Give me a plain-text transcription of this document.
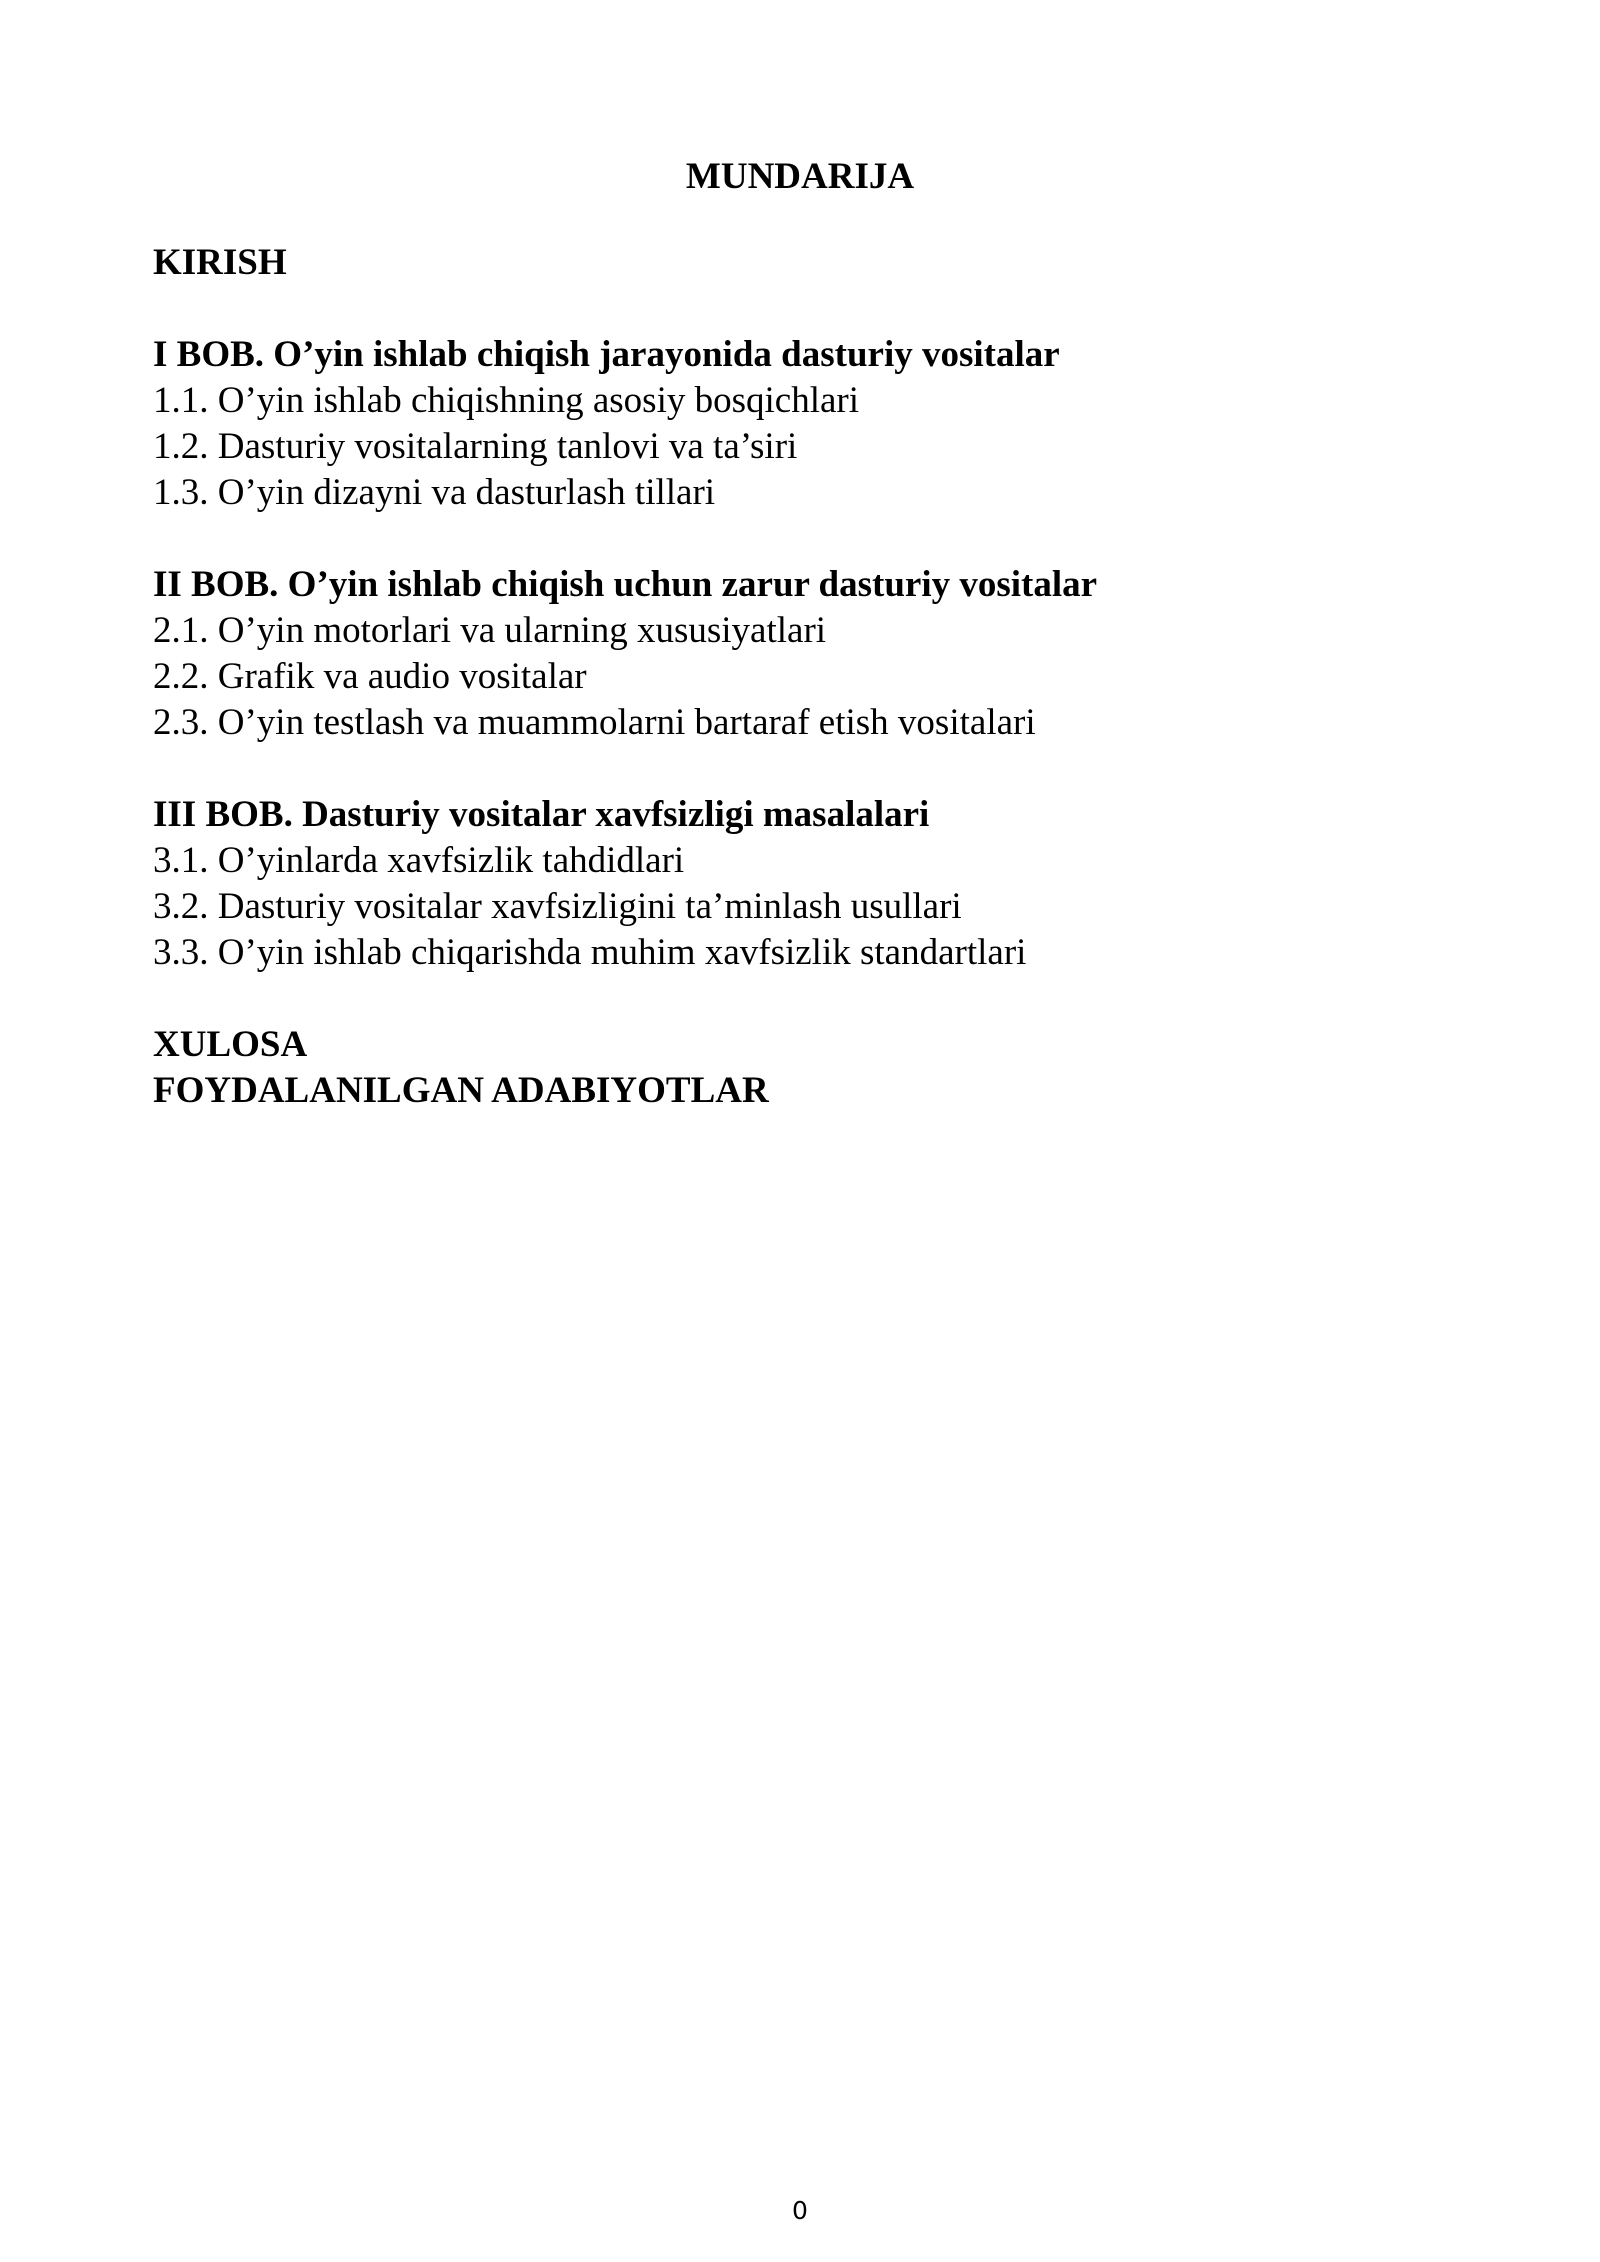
MUNDARIJA
KIRISH
I BOB. O’yin ishlab chiqish jarayonida dasturiy vositalar
1.1. O’yin ishlab chiqishning asosiy bosqichlari
1.2. Dasturiy vositalarning tanlovi va ta’siri
1.3. O’yin dizayni va dasturlash tillari
II BOB. O’yin ishlab chiqish uchun zarur dasturiy vositalar
2.1. O’yin motorlari va ularning xususiyatlari
2.2. Grafik va audio vositalar
2.3. O’yin testlash va muammolarni bartaraf etish vositalari
III BOB. Dasturiy vositalar xavfsizligi masalalari
3.1. O’yinlarda xavfsizlik tahdidlari
3.2. Dasturiy vositalar xavfsizligini ta’minlash usullari
3.3. O’yin ishlab chiqarishda muhim xavfsizlik standartlari
XULOSA
FOYDALANILGAN ADABIYOTLAR
0
